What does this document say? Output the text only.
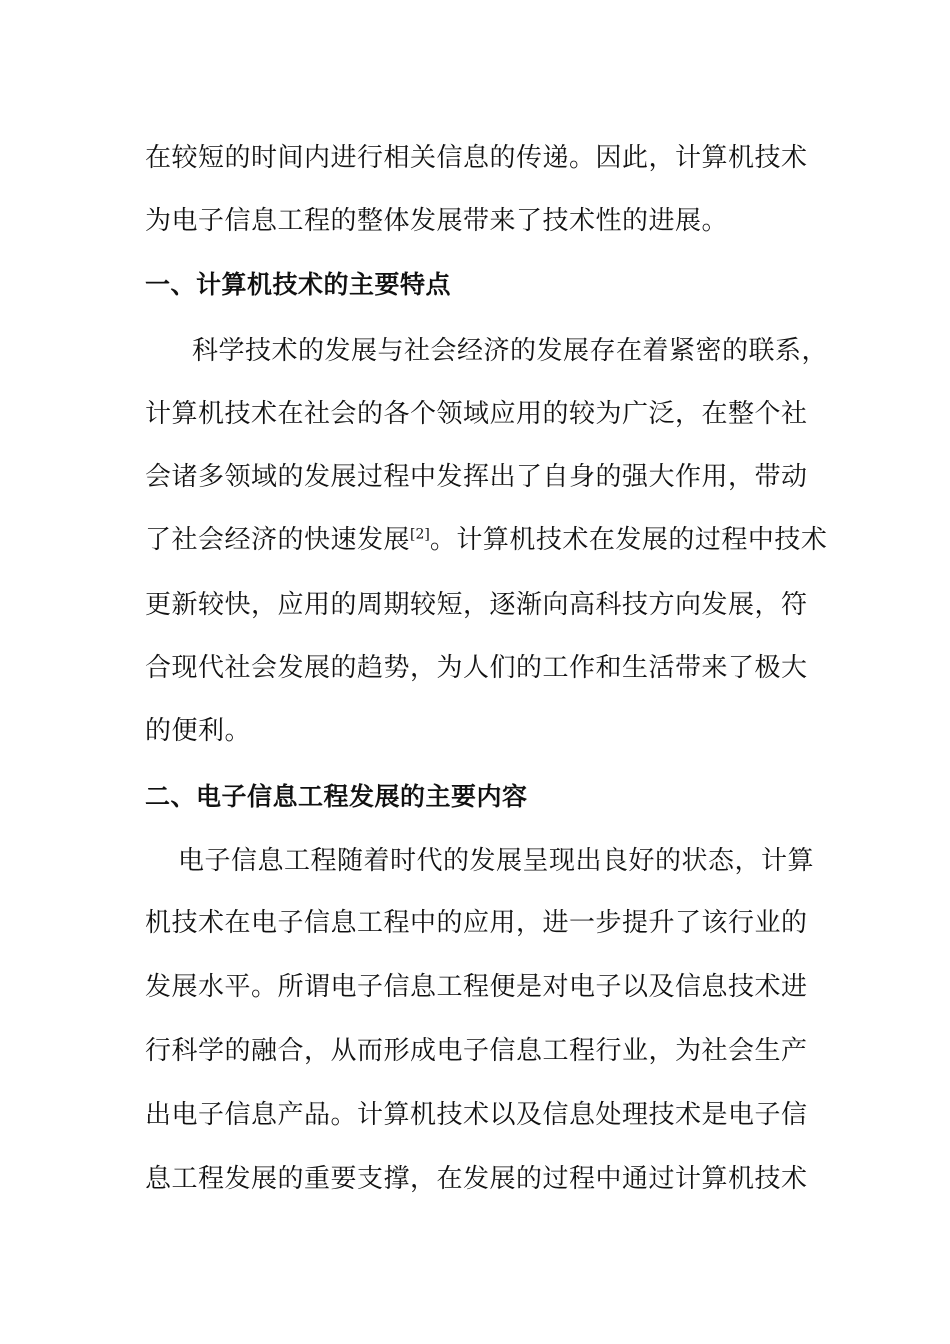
在较短的时间内进行相关信息的传递。因此，计算机技术
为电子信息工程的整体发展带来了技术性的进展。
一、计算机技术的主要特点
科学技术的发展与社会经济的发展存在着紧密的联系，
计算机技术在社会的各个领域应用的较为广泛，在整个社
会诸多领域的发展过程中发挥出了自身的强大作用，带动
了社会经济的快速发展[2]。计算机技术在发展的过程中技术
更新较快，应用的周期较短，逐渐向高科技方向发展，符
合现代社会发展的趋势，为人们的工作和生活带来了极大
的便利。
二、电子信息工程发展的主要内容
电子信息工程随着时代的发展呈现出良好的状态，计算
机技术在电子信息工程中的应用，进一步提升了该行业的
发展水平。所谓电子信息工程便是对电子以及信息技术进
行科学的融合，从而形成电子信息工程行业，为社会生产
出电子信息产品。计算机技术以及信息处理技术是电子信
息工程发展的重要支撑，在发展的过程中通过计算机技术
